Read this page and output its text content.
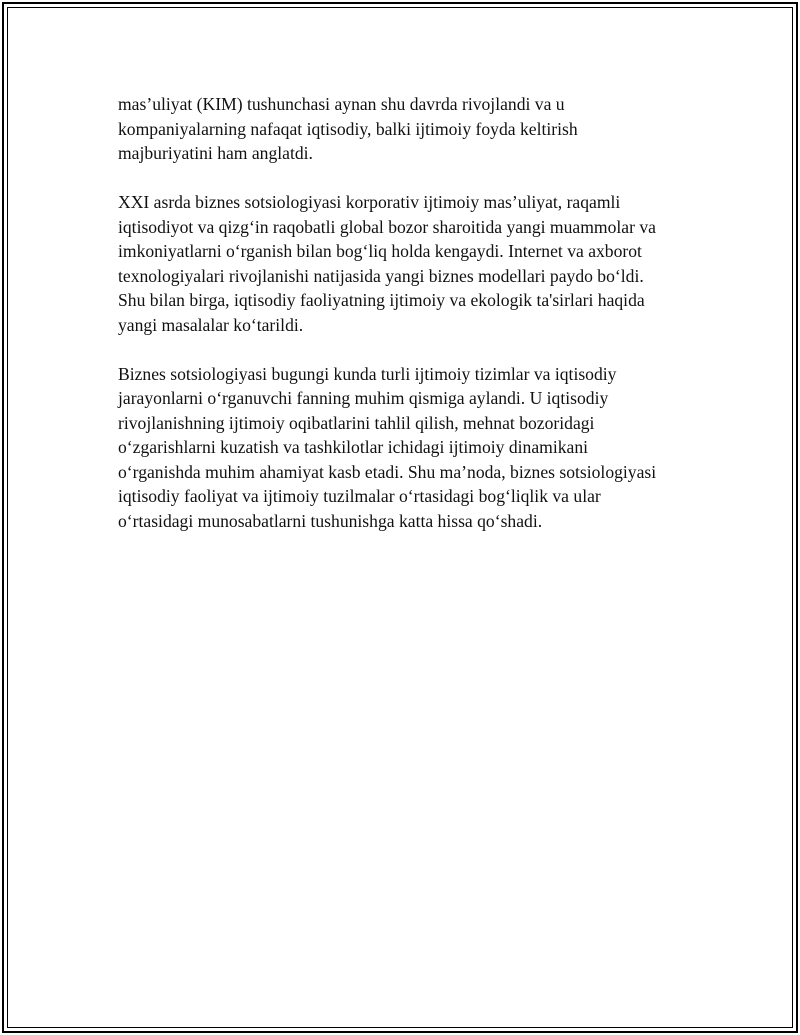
mas’uliyat (KIM) tushunchasi aynan shu davrda rivojlandi va u
kompaniyalarning nafaqat iqtisodiy, balki ijtimoiy foyda keltirish
majburiyatini ham anglatdi.

XXI asrda biznes sotsiologiyasi korporativ ijtimoiy mas’uliyat, raqamli
iqtisodiyot va qizg‘in raqobatli global bozor sharoitida yangi muammolar va
imkoniyatlarni o‘rganish bilan bog‘liq holda kengaydi. Internet va axborot
texnologiyalari rivojlanishi natijasida yangi biznes modellari paydo bo‘ldi.
Shu bilan birga, iqtisodiy faoliyatning ijtimoiy va ekologik ta'sirlari haqida
yangi masalalar ko‘tarildi.

Biznes sotsiologiyasi bugungi kunda turli ijtimoiy tizimlar va iqtisodiy
jarayonlarni o‘rganuvchi fanning muhim qismiga aylandi. U iqtisodiy
rivojlanishning ijtimoiy oqibatlarini tahlil qilish, mehnat bozoridagi
o‘zgarishlarni kuzatish va tashkilotlar ichidagi ijtimoiy dinamikani
o‘rganishda muhim ahamiyat kasb etadi. Shu ma’noda, biznes sotsiologiyasi
iqtisodiy faoliyat va ijtimoiy tuzilmalar o‘rtasidagi bog‘liqlik va ular
o‘rtasidagi munosabatlarni tushunishga katta hissa qo‘shadi.
